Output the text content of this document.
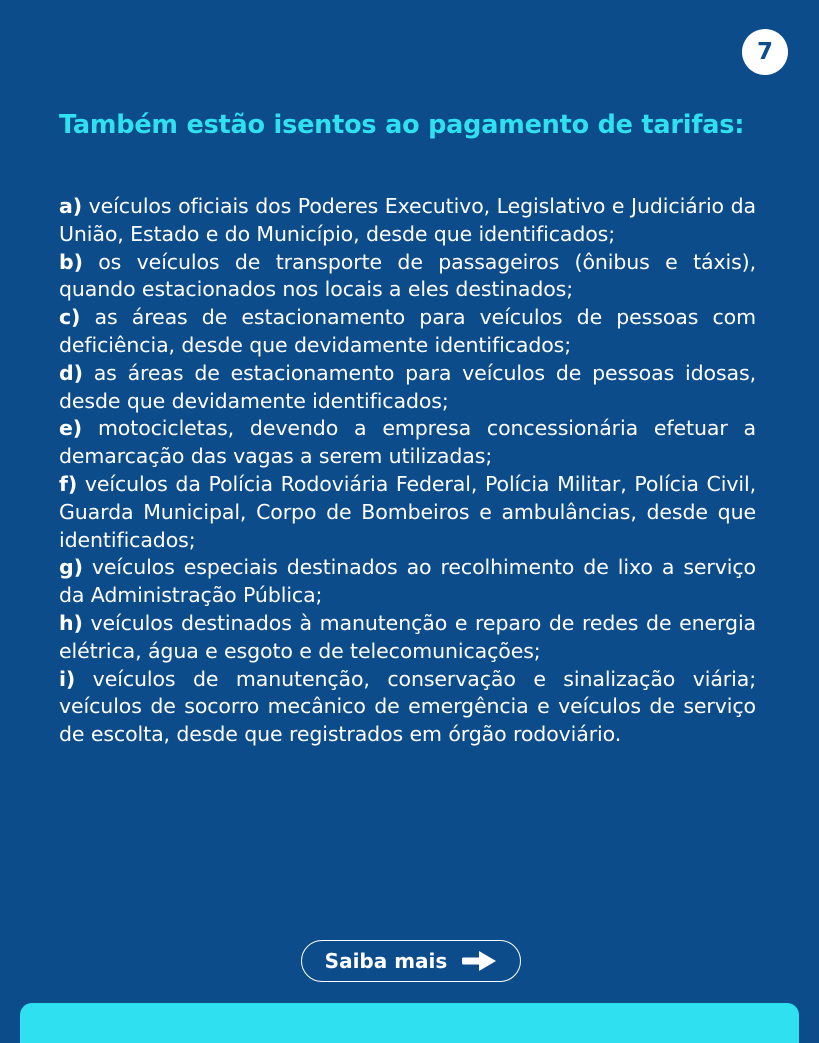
7
Também estão isentos ao pagamento de tarifas:

a) veículos oficiais dos Poderes Executivo, Legislativo e Judiciário da União, Estado e do Município, desde que identificados;

b) os veículos de transporte de passageiros (ônibus e táxis), quando estacionados nos locais a eles destinados;

c) as áreas de estacionamento para veículos de pessoas com deficiência, desde que devidamente identificados;

d) as áreas de estacionamento para veículos de pessoas idosas, desde que devidamente identificados;

e) motocicletas, devendo a empresa concessionária efetuar a demarcação das vagas a serem utilizadas;

f) veículos da Polícia Rodoviária Federal, Polícia Militar, Polícia Civil, Guarda Municipal, Corpo de Bombeiros e ambulâncias, desde que identificados;

g) veículos especiais destinados ao recolhimento de lixo a serviço da Administração Pública;

h) veículos destinados à manutenção e reparo de redes de energia elétrica, água e esgoto e de telecomunicações;

i) veículos de manutenção, conservação e sinalização viária; veículos de socorro mecânico de emergência e veículos de serviço de escolta, desde que registrados em órgão rodoviário.

Saiba mais
